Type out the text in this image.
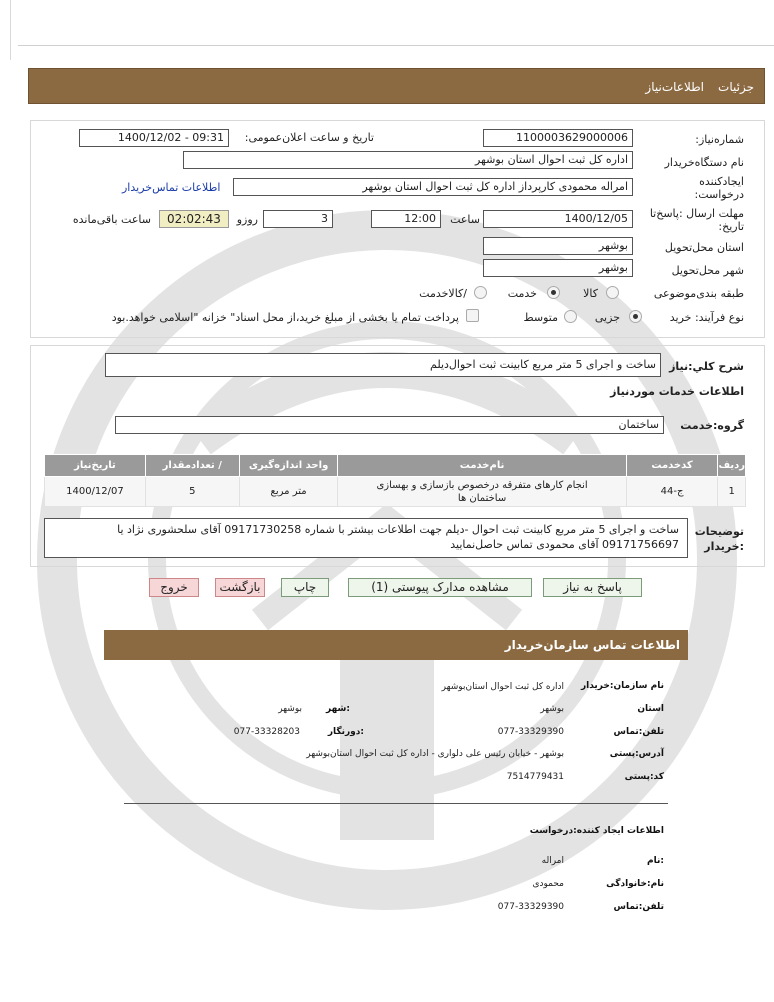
اطلاعات‌نیاز جزئیات
شماره‌نیاز:
1100003629000006
تاریخ و ساعت اعلان‌عمومی:
1400/12/02 - 09:31
نام دستگاه‌خریدار
اداره کل ثبت احوال استان بوشهر
ایجادکننده
درخواست:
امراله محمودی کارپرداز اداره کل ثبت احوال استان بوشهر
اطلاعات تماس‌خریدار
مهلت ارسال :پاسخ‌تا
تاریخ:
1400/12/05
ساعت
12:00
3
روزو
02:02:43
ساعت باقی‌مانده
استان محل‌تحویل
بوشهر
شهر محل‌تحویل
بوشهر
طبقه بندی‌موضوعی
کالا
خدمت
/کالاخدمت
نوع فرآیند: خرید
جزیی
متوسط
پرداخت تمام یا بخشی از مبلغ خرید،از محل اسناد" خزانه "اسلامی خواهد.بود
شرح کلي:نیاز
ساخت و اجرای 5 متر مربع کابینت ثبت احوال‌دیلم
اطلاعات خدمات موردنیاز
گروه:خدمت
ساختمان
ردیف	کدخدمت	نام‌خدمت	واحد اندازه‌گیری	/ تعدادمقدار	تاریخ‌نیاز
1	ج-44	انجام کارهای متفرقه درخصوص بازسازی و بهسازی ساختمان ها	متر مربع	5	1400/12/07
توضیحات
:خریدار
ساخت و اجرای 5 متر مربع کابینت ثبت احوال -دیلم جهت اطلاعات بیشتر با شماره 09171730258 آقای سلحشوری نژاد یا
09171756697 آقای محمودی تماس حاصل‌نمایید
پاسخ به نیاز
مشاهده مدارک پیوستی (1)
چاپ
بازگشت
خروج
اطلاعات تماس سازمان‌خریدار
نام سازمان:خریدار
اداره کل ثبت احوال استان‌بوشهر
استان
بوشهر
:شهر
بوشهر
تلفن:تماس
077-33329390
:دورنگار
077-33328203
آدرس:پستی
بوشهر - خیابان رئیس علی دلواری - اداره کل ثبت احوال استان‌بوشهر
کد:پستی
7514779431
اطلاعات ایجاد کننده:درخواست
:نام
امراله
نام:خانوادگی
محمودی
تلفن:تماس
077-33329390
